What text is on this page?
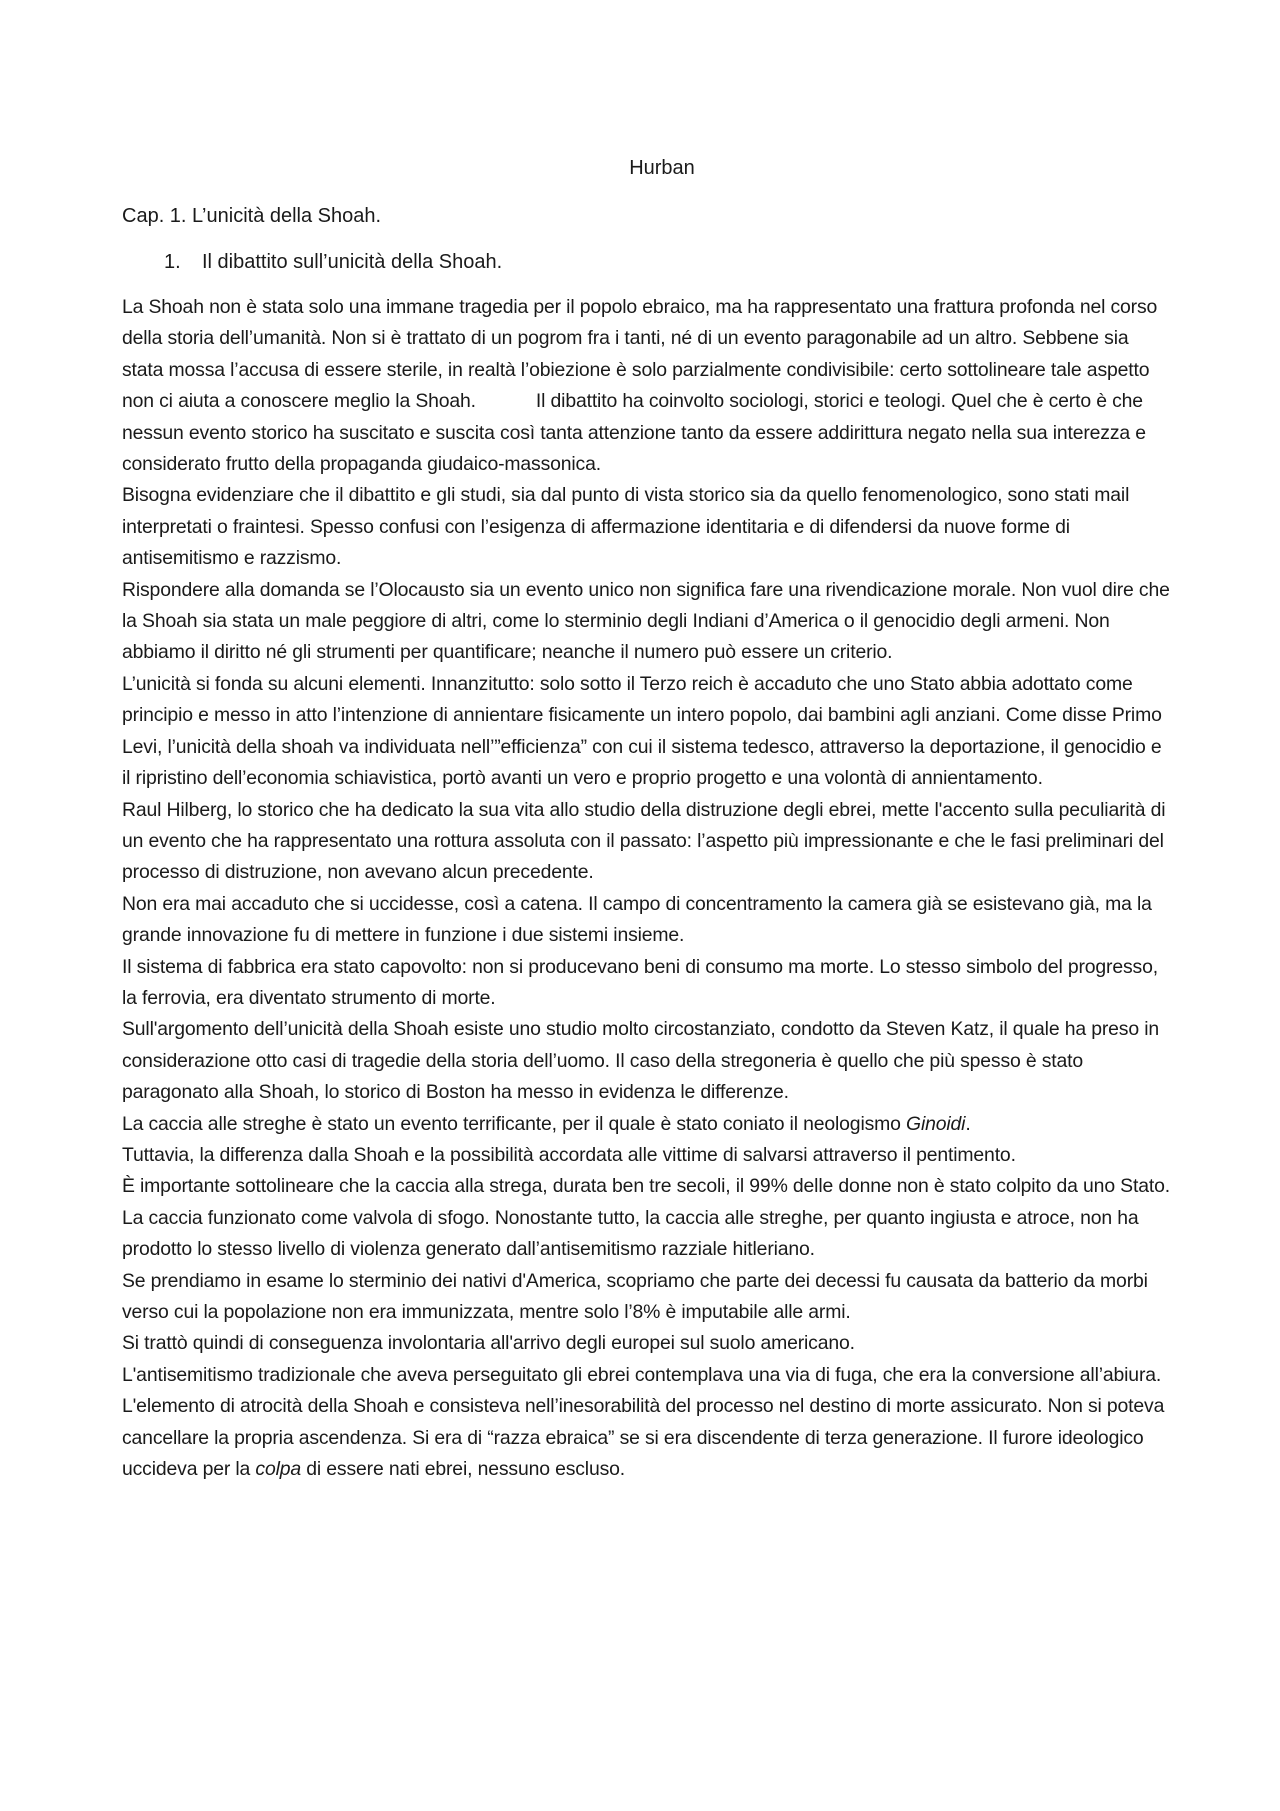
Hurban
Cap. 1. L’unicità della Shoah.
1. Il dibattito sull’unicità della Shoah.

La Shoah non è stata solo una immane tragedia per il popolo ebraico, ma ha rappresentato una frattura profonda nel corso della storia dell’umanità. Non si è trattato di un pogrom fra i tanti, né di un evento paragonabile ad un altro. Sebbene sia stata mossa l’accusa di essere sterile, in realtà l’obiezione è solo parzialmente condivisibile: certo sottolineare tale aspetto non ci aiuta a conoscere meglio la Shoah.	Il dibattito ha coinvolto sociologi, storici e teologi. Quel che è certo è che nessun evento storico ha suscitato e suscita così tanta attenzione tanto da essere addirittura negato nella sua interezza e considerato frutto della propaganda giudaico-massonica.

Bisogna evidenziare che il dibattito e gli studi, sia dal punto di vista storico sia da quello fenomenologico, sono stati mail interpretati o fraintesi. Spesso confusi con l’esigenza di affermazione identitaria e di difendersi da nuove forme di antisemitismo e razzismo.

Rispondere alla domanda se l’Olocausto sia un evento unico non significa fare una rivendicazione morale. Non vuol dire che la Shoah sia stata un male peggiore di altri, come lo sterminio degli Indiani d’America o il genocidio degli armeni. Non abbiamo il diritto né gli strumenti per quantificare; neanche il numero può essere un criterio.

L’unicità si fonda su alcuni elementi. Innanzitutto: solo sotto il Terzo reich è accaduto che uno Stato abbia adottato come principio e messo in atto l’intenzione di annientare fisicamente un intero popolo, dai bambini agli anziani. Come disse Primo Levi, l’unicità della shoah va individuata nell’”efficienza” con cui il sistema tedesco, attraverso la deportazione, il genocidio e il ripristino dell’economia schiavistica, portò avanti un vero e proprio progetto e una volontà di annientamento.

Raul Hilberg, lo storico che ha dedicato la sua vita allo studio della distruzione degli ebrei, mette l'accento sulla peculiarità di un evento che ha rappresentato una rottura assoluta con il passato: l’aspetto più impressionante e che le fasi preliminari del processo di distruzione, non avevano alcun precedente.

Non era mai accaduto che si uccidesse, così a catena. Il campo di concentramento la camera già se esistevano già, ma la grande innovazione fu di mettere in funzione i due sistemi insieme.

Il sistema di fabbrica era stato capovolto: non si producevano beni di consumo ma morte. Lo stesso simbolo del progresso, la ferrovia, era diventato strumento di morte.

Sull'argomento dell’unicità della Shoah esiste uno studio molto circostanziato, condotto da Steven Katz, il quale ha preso in considerazione otto casi di tragedie della storia dell’uomo. Il caso della stregoneria è quello che più spesso è stato paragonato alla Shoah, lo storico di Boston ha messo in evidenza le differenze.

La caccia alle streghe è stato un evento terrificante, per il quale è stato coniato il neologismo Ginoidi.

Tuttavia, la differenza dalla Shoah e la possibilità accordata alle vittime di salvarsi attraverso il pentimento.

È importante sottolineare che la caccia alla strega, durata ben tre secoli, il 99% delle donne non è stato colpito da uno Stato. La caccia funzionato come valvola di sfogo. Nonostante tutto, la caccia alle streghe, per quanto ingiusta e atroce, non ha prodotto lo stesso livello di violenza generato dall’antisemitismo razziale hitleriano.

Se prendiamo in esame lo sterminio dei nativi d'America, scopriamo che parte dei decessi fu causata da batterio da morbi verso cui la popolazione non era immunizzata, mentre solo l’8% è imputabile alle armi.

Si trattò quindi di conseguenza involontaria all'arrivo degli europei sul suolo americano.

L'antisemitismo tradizionale che aveva perseguitato gli ebrei contemplava una via di fuga, che era la conversione all’abiura. L'elemento di atrocità della Shoah e consisteva nell’inesorabilità del processo nel destino di morte assicurato. Non si poteva cancellare la propria ascendenza. Si era di “razza ebraica” se si era discendente di terza generazione. Il furore ideologico uccideva per la colpa di essere nati ebrei, nessuno escluso.
